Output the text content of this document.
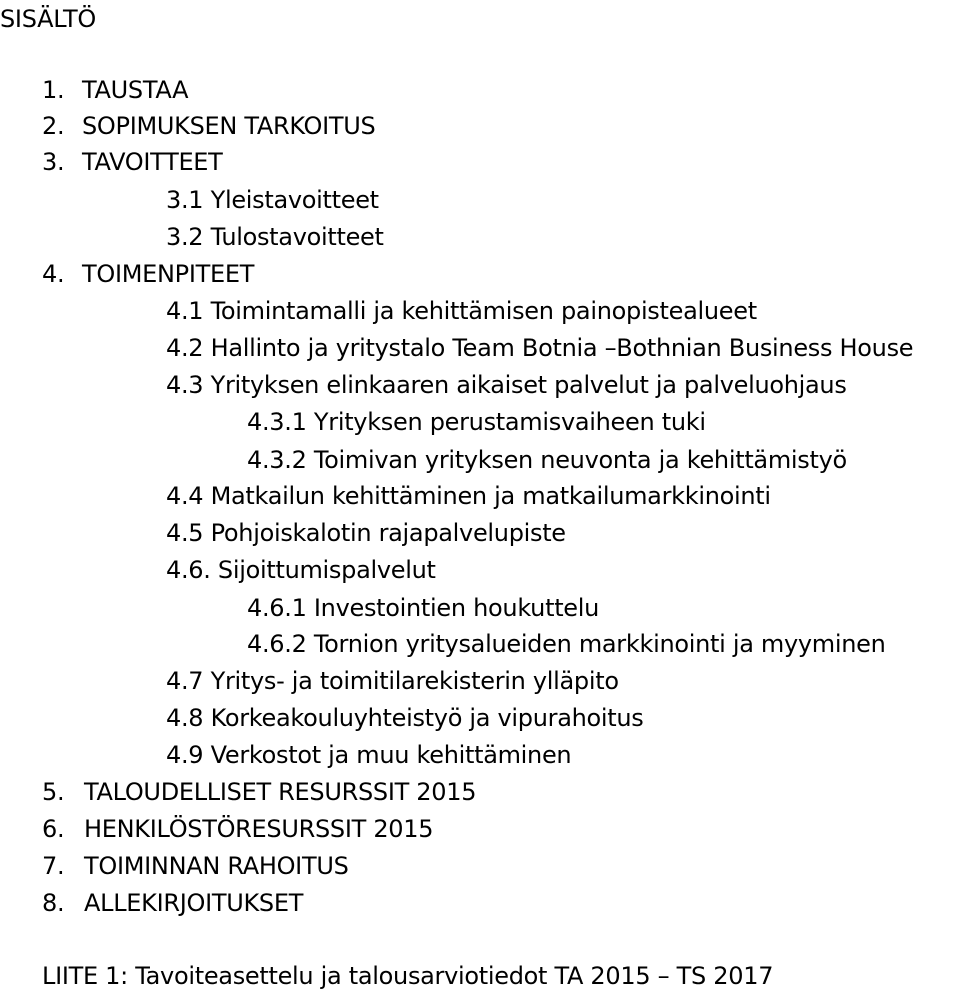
SISÄLTÖ
1. TAUSTAA
2. SOPIMUKSEN TARKOITUS
3. TAVOITTEET
3.1 Yleistavoitteet
3.2 Tulostavoitteet
4. TOIMENPITEET
4.1 Toimintamalli ja kehittämisen painopistealueet
4.2 Hallinto ja yritystalo Team Botnia –Bothnian Business House
4.3 Yrityksen elinkaaren aikaiset palvelut ja palveluohjaus
4.3.1 Yrityksen perustamisvaiheen tuki
4.3.2 Toimivan yrityksen neuvonta ja kehittämistyö
4.4 Matkailun kehittäminen ja matkailumarkkinointi
4.5 Pohjoiskalotin rajapalvelupiste
4.6. Sijoittumispalvelut
4.6.1 Investointien houkuttelu
4.6.2 Tornion yritysalueiden markkinointi ja myyminen
4.7 Yritys- ja toimitilarekisterin ylläpito
4.8 Korkeakouluyhteistyö ja vipurahoitus
4.9 Verkostot ja muu kehittäminen
5. TALOUDELLISET RESURSSIT 2015
6. HENKILÖSTÖRESURSSIT 2015
7. TOIMINNAN RAHOITUS
8. ALLEKIRJOITUKSET
LIITE 1: Tavoiteasettelu ja talousarviotiedot TA 2015 – TS 2017
